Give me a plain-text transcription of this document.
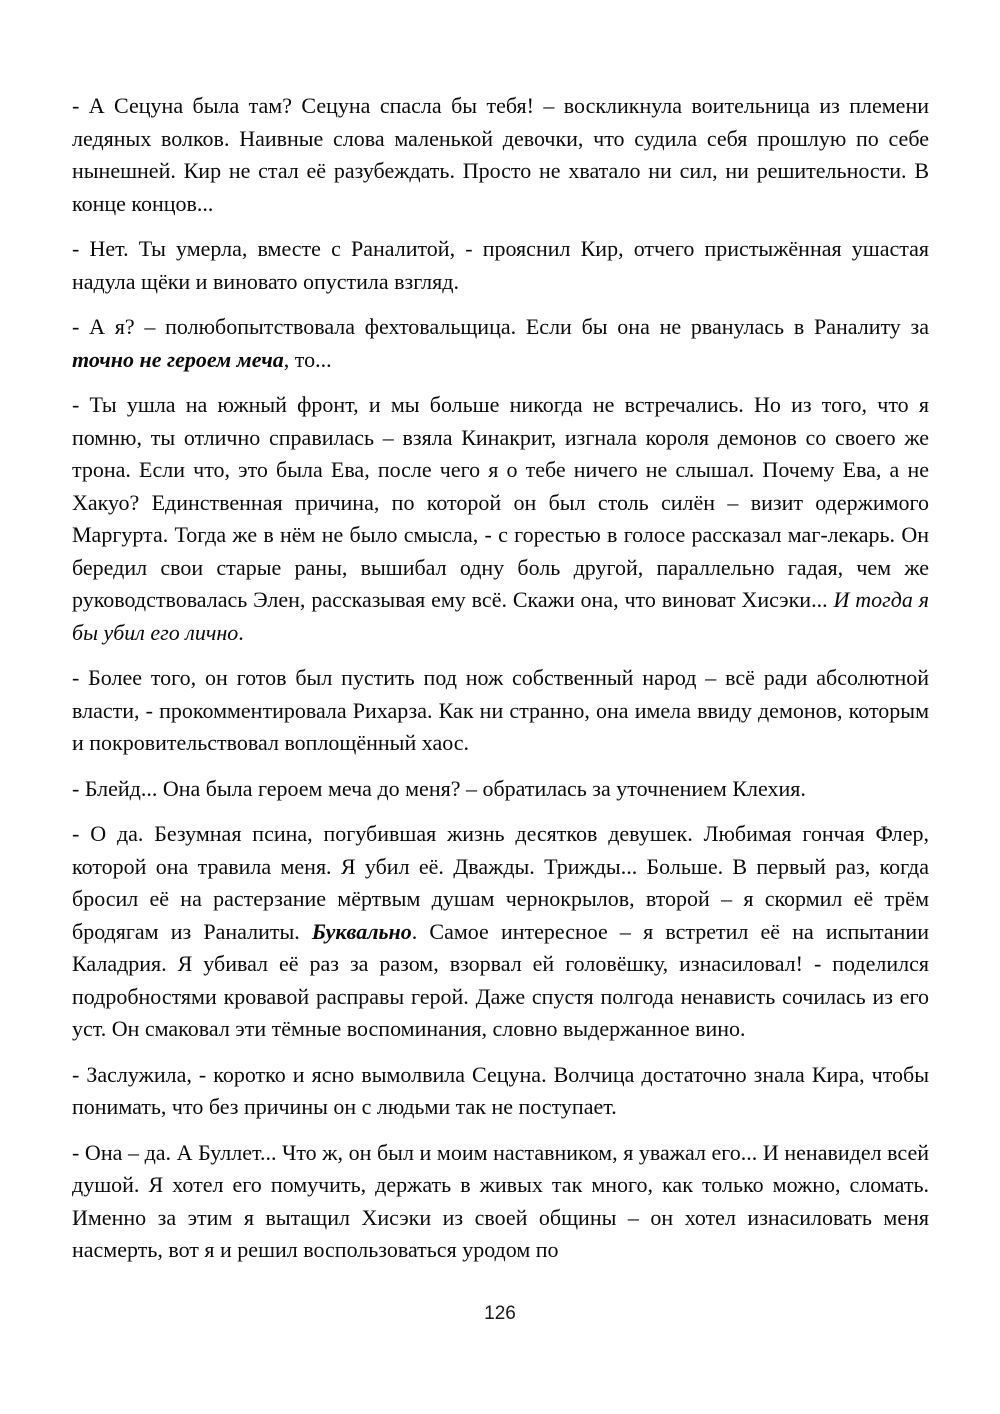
- А Сецуна была там? Сецуна спасла бы тебя! – воскликнула воительница из племени ледяных волков. Наивные слова маленькой девочки, что судила себя прошлую по себе нынешней. Кир не стал её разубеждать. Просто не хватало ни сил, ни решительности. В конце концов...

- Нет. Ты умерла, вместе с Раналитой, - прояснил Кир, отчего пристыжённая ушастая надула щёки и виновато опустила взгляд.

- А я? – полюбопытствовала фехтовальщица. Если бы она не рванулась в Раналиту за точно не героем меча, то...

- Ты ушла на южный фронт, и мы больше никогда не встречались. Но из того, что я помню, ты отлично справилась – взяла Кинакрит, изгнала короля демонов со своего же трона. Если что, это была Ева, после чего я о тебе ничего не слышал. Почему Ева, а не Хакуо? Единственная причина, по которой он был столь силён – визит одержимого Маргурта. Тогда же в нём не было смысла, - с горестью в голосе рассказал маг-лекарь. Он бередил свои старые раны, вышибал одну боль другой, параллельно гадая, чем же руководствовалась Элен, рассказывая ему всё. Скажи она, что виноват Хисэки... И тогда я бы убил его лично.

- Более того, он готов был пустить под нож собственный народ – всё ради абсолютной власти, - прокомментировала Рихарза. Как ни странно, она имела ввиду демонов, которым и покровительствовал воплощённый хаос.

- Блейд... Она была героем меча до меня? – обратилась за уточнением Клехия.

- О да. Безумная псина, погубившая жизнь десятков девушек. Любимая гончая Флер, которой она травила меня. Я убил её. Дважды. Трижды... Больше. В первый раз, когда бросил её на растерзание мёртвым душам чернокрылов, второй – я скормил её трём бродягам из Раналиты. Буквально. Самое интересное – я встретил её на испытании Каладрия. Я убивал её раз за разом, взорвал ей головёшку, изнасиловал! - поделился подробностями кровавой расправы герой. Даже спустя полгода ненависть сочилась из его уст. Он смаковал эти тёмные воспоминания, словно выдержанное вино.

- Заслужила, - коротко и ясно вымолвила Сецуна. Волчица достаточно знала Кира, чтобы понимать, что без причины он с людьми так не поступает.

- Она – да. А Буллет... Что ж, он был и моим наставником, я уважал его... И ненавидел всей душой. Я хотел его помучить, держать в живых так много, как только можно, сломать. Именно за этим я вытащил Хисэки из своей общины – он хотел изнасиловать меня насмерть, вот я и решил воспользоваться уродом по

126
